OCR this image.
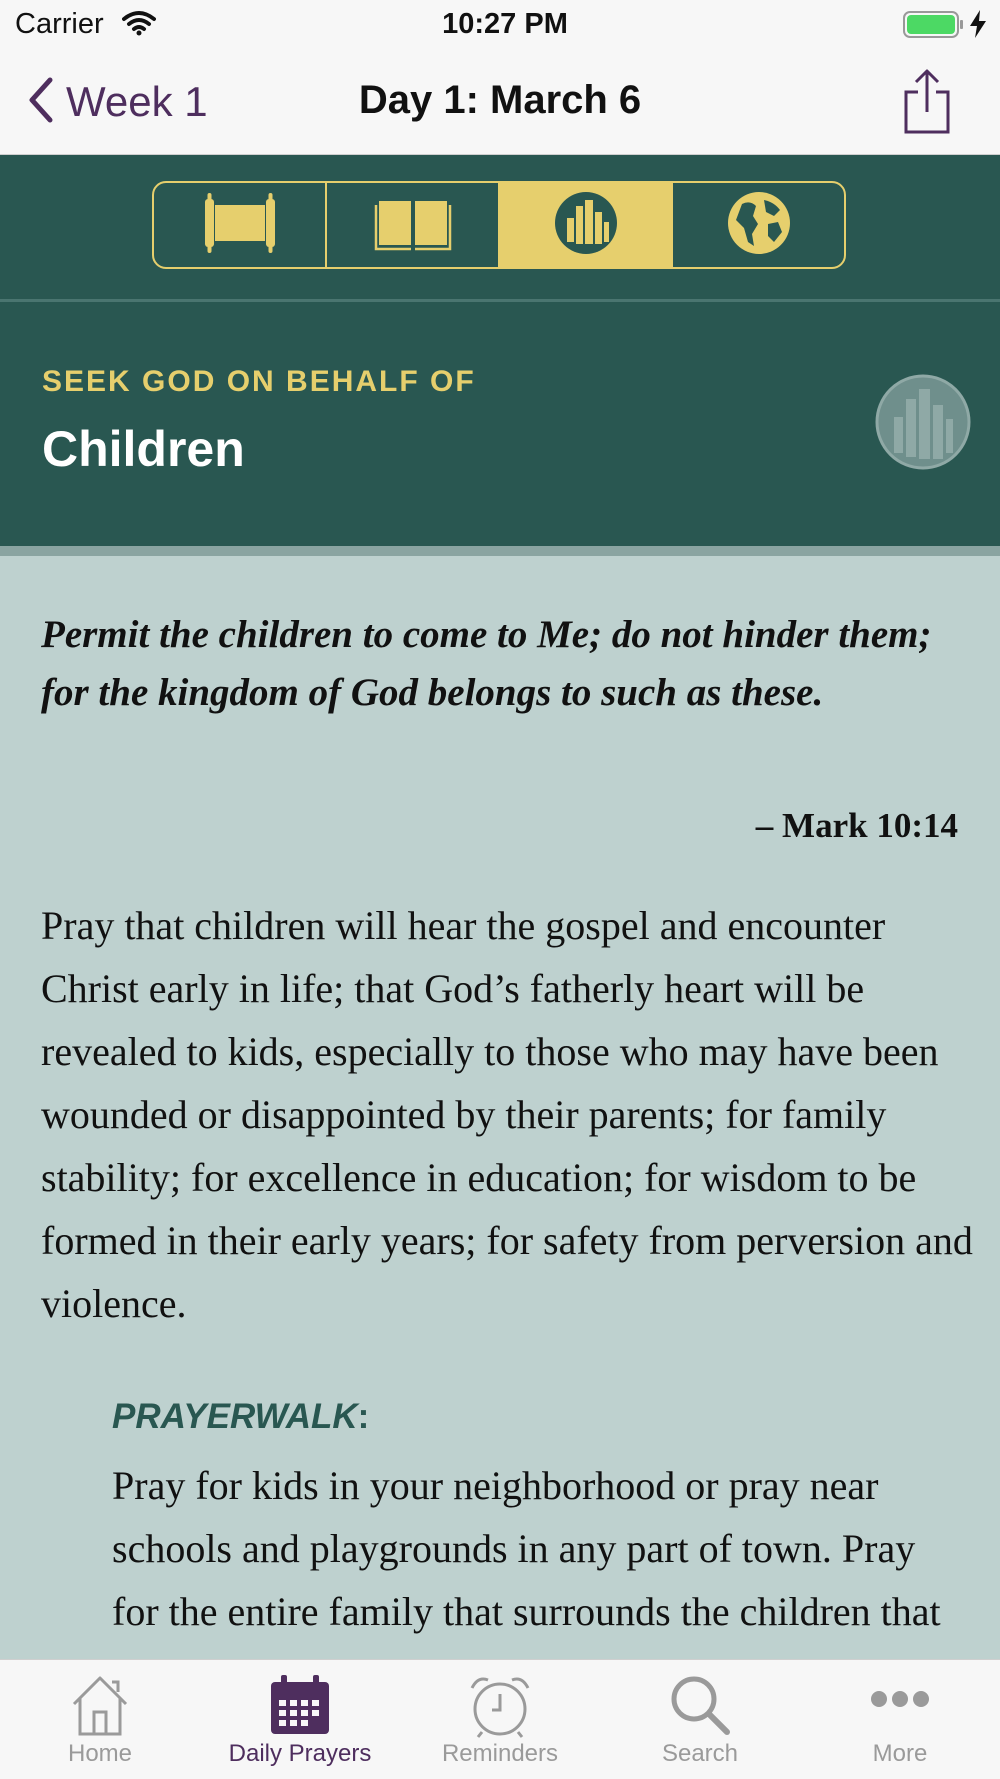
Carrier	10:27 PM
Week 1	Day 1: March 6
SEEK GOD ON BEHALF OF
Children

Permit the children to come to Me; do not hinder them; for the kingdom of God belongs to such as these.

– Mark 10:14

Pray that children will hear the gospel and encounter Christ early in life; that God’s fatherly heart will be revealed to kids, especially to those who may have been wounded or disappointed by their parents; for family stability; for excellence in education; for wisdom to be formed in their early years; for safety from perversion and violence.

PRAYERWALK:

Pray for kids in your neighborhood or pray near schools and playgrounds in any part of town. Pray for the entire family that surrounds the children that

Home	Daily Prayers	Reminders	Search	More
